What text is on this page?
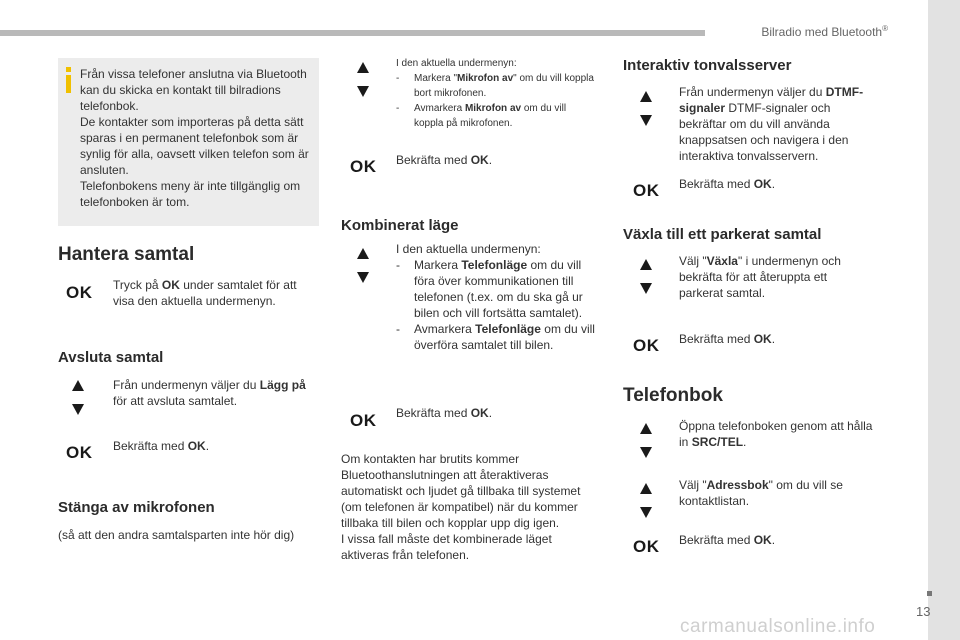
Bilradio med Bluetooth®
13
Från vissa telefoner anslutna via Bluetooth kan du skicka en kontakt till bilradions telefonbok.
De kontakter som importeras på detta sätt sparas i en permanent telefonbok som är synlig för alla, oavsett vilken telefon som är ansluten.
Telefonbokens meny är inte tillgänglig om telefonboken är tom.
Hantera samtal
OK Tryck på OK under samtalet för att visa den aktuella undermenyn.
Avsluta samtal
Från undermenyn väljer du Lägg på för att avsluta samtalet.
OK Bekräfta med OK.
Stänga av mikrofonen
(så att den andra samtalsparten inte hör dig)
I den aktuella undermenyn:
- Markera "Mikrofon av" om du vill koppla bort mikrofonen.
- Avmarkera Mikrofon av om du vill koppla på mikrofonen.
OK Bekräfta med OK.
Kombinerat läge
I den aktuella undermenyn:
- Markera Telefonläge om du vill föra över kommunikationen till telefonen (t.ex. om du ska gå ur bilen och vill fortsätta samtalet).
- Avmarkera Telefonläge om du vill överföra samtalet till bilen.
OK Bekräfta med OK.
Om kontakten har brutits kommer Bluetoothanslutningen att återaktiveras automatiskt och ljudet gå tillbaka till systemet (om telefonen är kompatibel) när du kommer tillbaka till bilen och kopplar upp dig igen.
I vissa fall måste det kombinerade läget aktiveras från telefonen.
Interaktiv tonvalsserver
Från undermenyn väljer du DTMF-signaler DTMF-signaler och bekräftar om du vill använda knappsatsen och navigera i den interaktiva tonvalsservern.
OK Bekräfta med OK.
Växla till ett parkerat samtal
Välj "Växla" i undermenyn och bekräfta för att återuppta ett parkerat samtal.
OK Bekräfta med OK.
Telefonbok
Öppna telefonboken genom att hålla in SRC/TEL.
Välj "Adressbok" om du vill se kontaktlistan.
OK Bekräfta med OK.
carmanualsonline.info
